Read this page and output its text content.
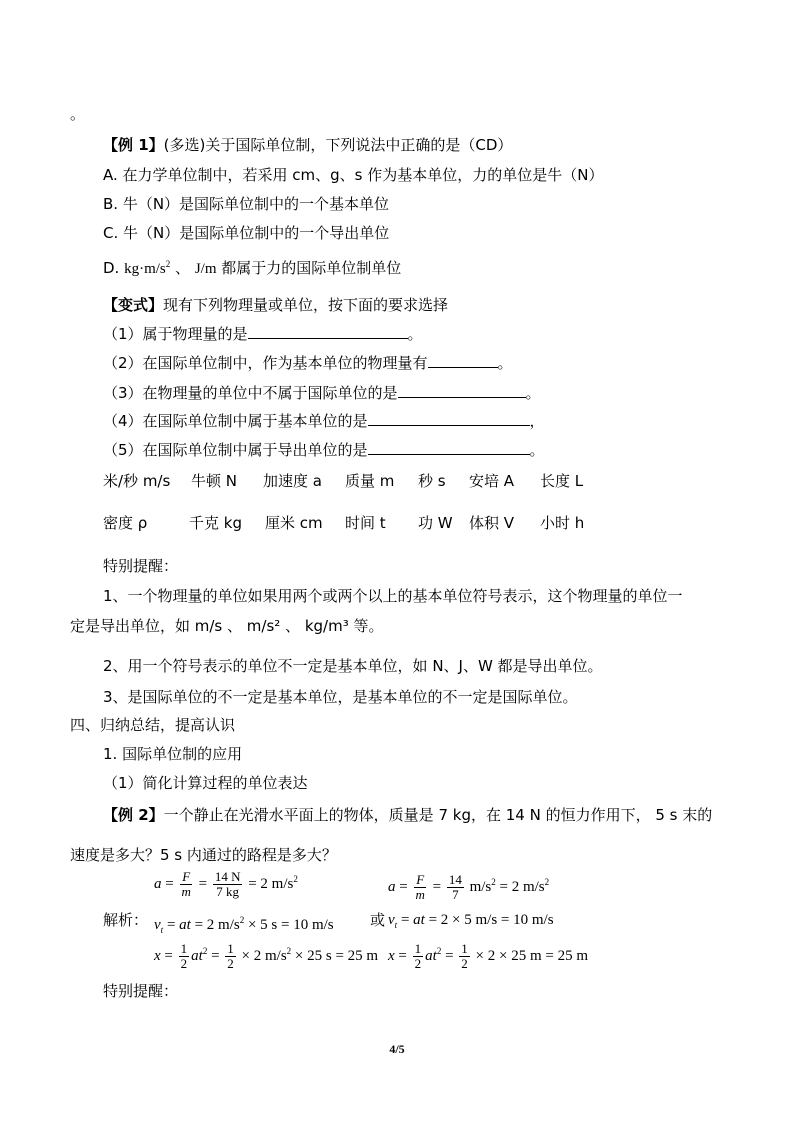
。
【例 1】(多选)关于国际单位制，下列说法中正确的是（CD）
A. 在力学单位制中，若采用 cm、g、s 作为基本单位，力的单位是牛（N）
B. 牛（N）是国际单位制中的一个基本单位
C. 牛（N）是国际单位制中的一个导出单位
D. $kg\cdot m/s^2$ 、 J/m 都属于力的国际单位制单位
【变式】现有下列物理量或单位，按下面的要求选择
（1）属于物理量的是	。
（2）在国际单位制中，作为基本单位的物理量有	。
（3）在物理量的单位中不属于国际单位的是	。
（4）在国际单位制中属于基本单位的是	，
（5）在国际单位制中属于导出单位的是	。
米/秒 m/s 牛顿 N 加速度 a 质量 m 秒 s 安培 A 长度 L
密度 ρ	千克 kg 厘米 cm 时间 t 功 W 体积 V 小时 h
特别提醒：
1、一个物理量的单位如果用两个或两个以上的基本单位符号表示，这个物理量的单位一
定是导出单位，如 m/s 、 m/s² 、 kg/m³ 等。
2、用一个符号表示的单位不一定是基本单位，如 N、J、W 都是导出单位。
3、是国际单位的不一定是基本单位，是基本单位的不一定是国际单位。
四、归纳总结，提高认识
1. 国际单位制的应用
（1）简化计算过程的单位表达
【例 2】一个静止在光滑水平面上的物体，质量是 7 kg，在 14 N 的恒力作用下， 5 s 末的
速度是多大？5 s 内通过的路程是多大？
$a = \frac{F}{m} = \frac{14 N}{7 kg} = 2$ $m/s^2$	$a = \frac{F}{m} = \frac{14}{7} m/s^2 = 2$ $m/s^2$
解析： $v_t$ = at = 2 $m/s^2 \times 5$ s = 10 m/s 或 $v_t$ = at = 2 × 5 m/s = 10 m/s
$x = \frac{1}{2} at^2 = \frac{1}{2} \times 2$ $m/s^2 \times 25$ s = 25 m $x = \frac{1}{2} at^2 = \frac{1}{2} \times 2 \times 25$ m = 25 m
特别提醒：
4/5
